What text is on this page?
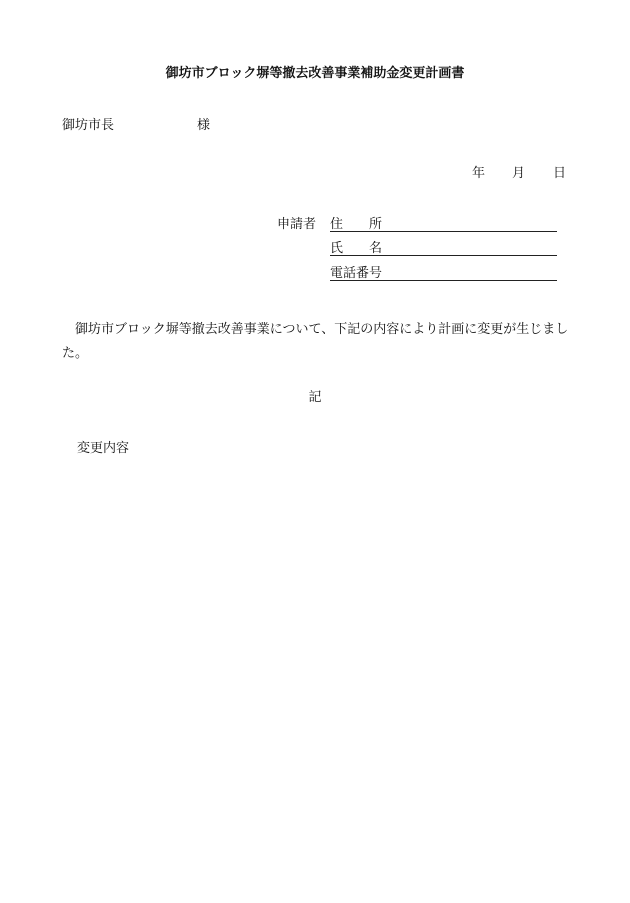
御坊市ブロック塀等撤去改善事業補助金変更計画書
御坊市長	様
年 月 日
申請者 住　　所
氏　　名
電話番号
御坊市ブロック塀等撤去改善事業について、下記の内容により計画に変更が生じました。
記
変更内容
